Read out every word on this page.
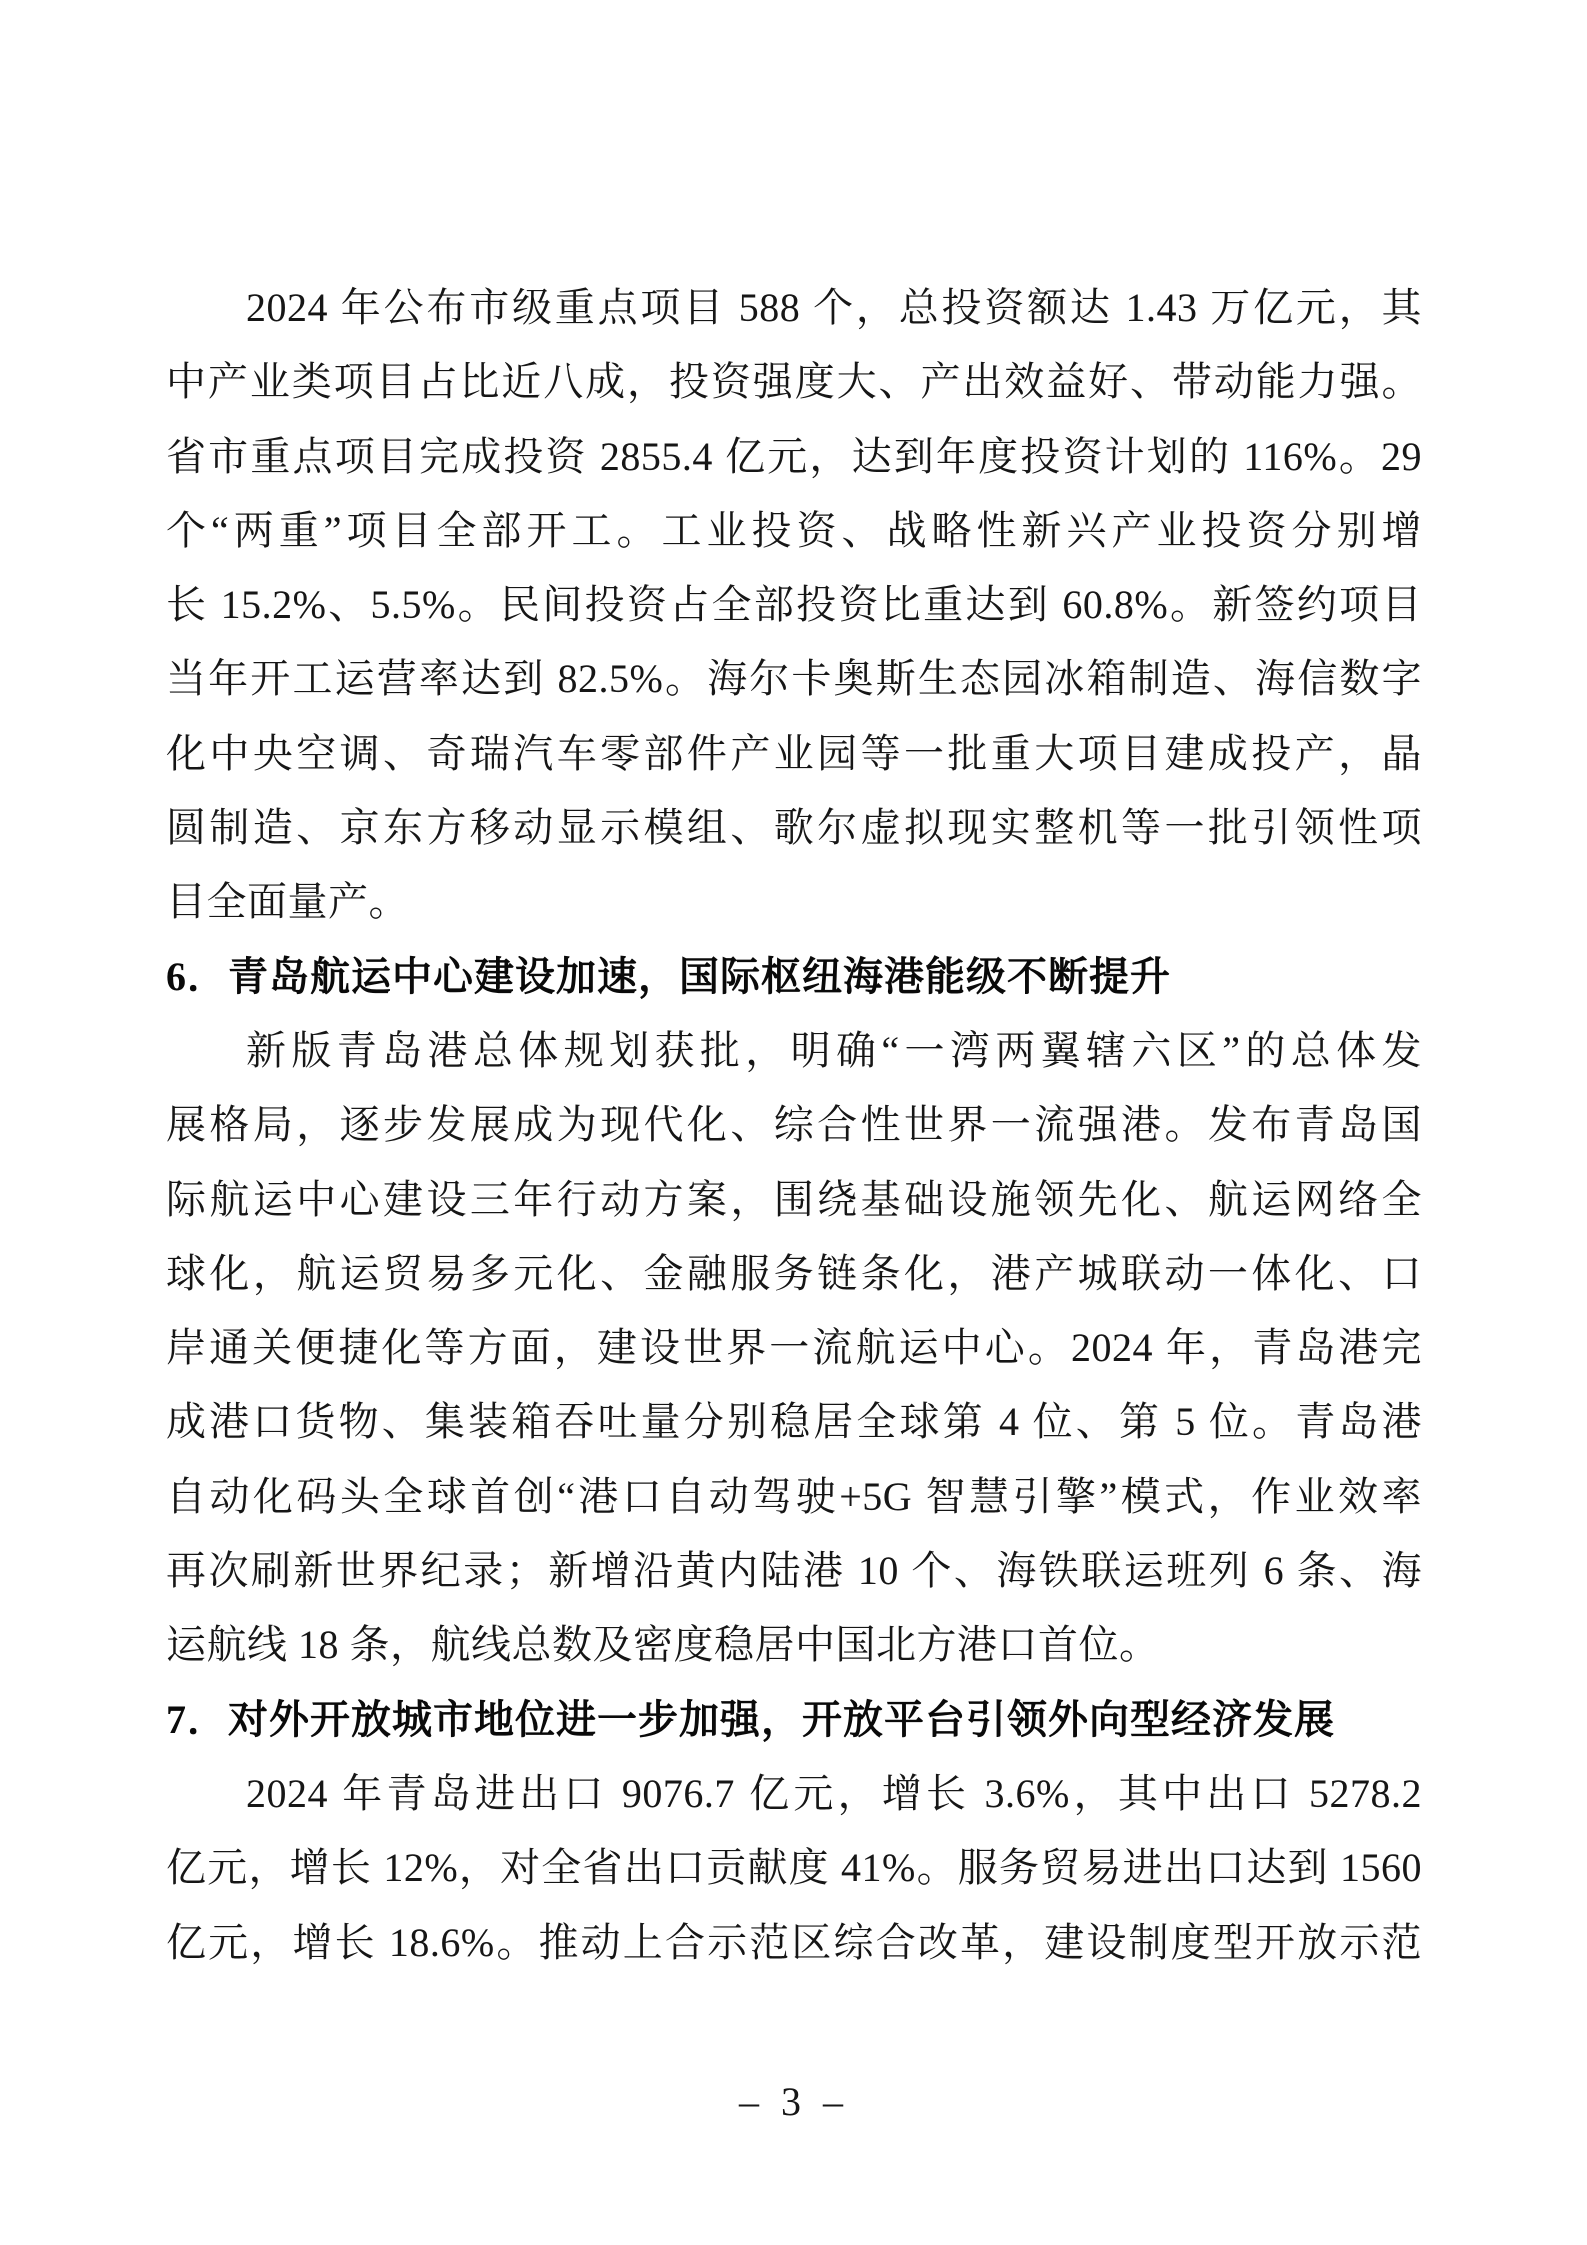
2024 年公布市级重点项目 588 个，总投资额达 1.43 万亿元，其
中产业类项目占比近八成，投资强度大、产出效益好、带动能力强。
省市重点项目完成投资 2855.4 亿元，达到年度投资计划的 116%。29
个“两重”项目全部开工。工业投资、战略性新兴产业投资分别增
长 15.2%、5.5%。民间投资占全部投资比重达到 60.8%。新签约项目
当年开工运营率达到 82.5%。海尔卡奥斯生态园冰箱制造、海信数字
化中央空调、奇瑞汽车零部件产业园等一批重大项目建成投产，晶
圆制造、京东方移动显示模组、歌尔虚拟现实整机等一批引领性项
目全面量产。
6．青岛航运中心建设加速，国际枢纽海港能级不断提升
新版青岛港总体规划获批，明确“一湾两翼辖六区”的总体发
展格局，逐步发展成为现代化、综合性世界一流强港。发布青岛国
际航运中心建设三年行动方案，围绕基础设施领先化、航运网络全
球化，航运贸易多元化、金融服务链条化，港产城联动一体化、口
岸通关便捷化等方面，建设世界一流航运中心。2024 年，青岛港完
成港口货物、集装箱吞吐量分别稳居全球第 4 位、第 5 位。青岛港
自动化码头全球首创“港口自动驾驶+5G 智慧引擎”模式，作业效率
再次刷新世界纪录；新增沿黄内陆港 10 个、海铁联运班列 6 条、海
运航线 18 条，航线总数及密度稳居中国北方港口首位。
7．对外开放城市地位进一步加强，开放平台引领外向型经济发展
2024 年青岛进出口 9076.7 亿元，增长 3.6%，其中出口 5278.2
亿元，增长 12%，对全省出口贡献度 41%。服务贸易进出口达到 1560
亿元，增长 18.6%。推动上合示范区综合改革，建设制度型开放示范
– 3 –
